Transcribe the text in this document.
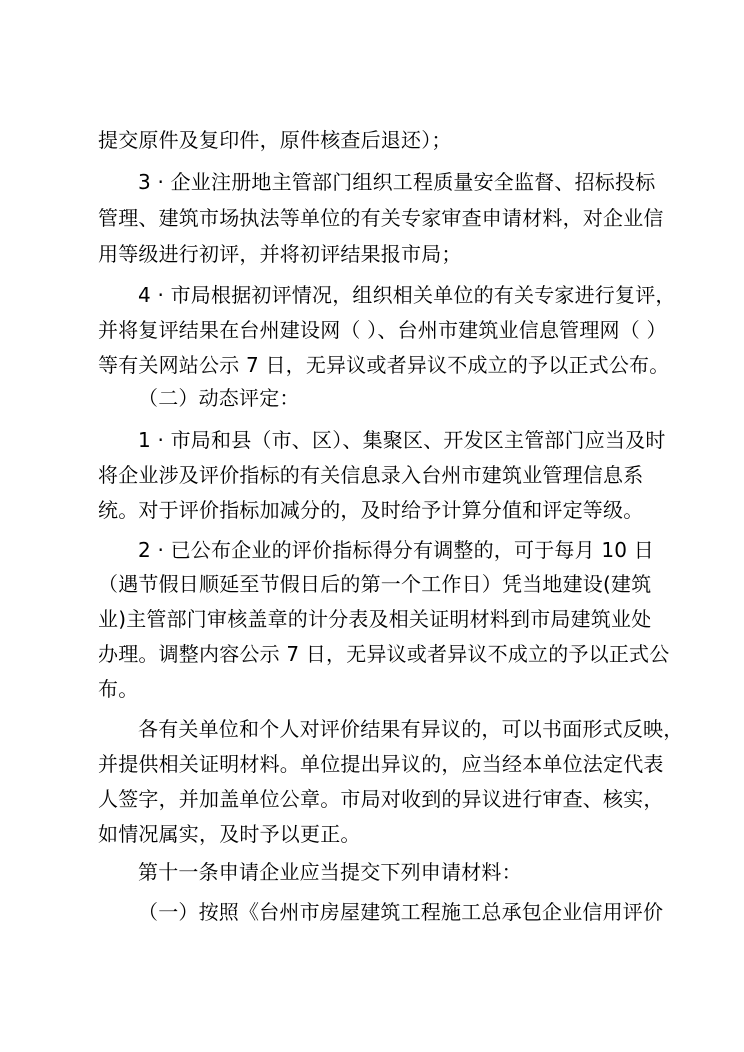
提交原件及复印件，原件核查后退还）；
3 · 企业注册地主管部门组织工程质量安全监督、招标投标
管理、建筑市场执法等单位的有关专家审查申请材料，对企业信
用等级进行初评，并将初评结果报市局；
4 · 市局根据初评情况，组织相关单位的有关专家进行复评，
并将复评结果在台州建设网（ ）、台州市建筑业信息管理网（ ）
等有关网站公示 7 日，无异议或者异议不成立的予以正式公布。
（二）动态评定：
1 · 市局和县（市、区）、集聚区、开发区主管部门应当及时
将企业涉及评价指标的有关信息录入台州市建筑业管理信息系
统。对于评价指标加减分的，及时给予计算分值和评定等级。
2 · 已公布企业的评价指标得分有调整的，可于每月 10 日
（遇节假日顺延至节假日后的第一个工作日）凭当地建设(建筑
业)主管部门审核盖章的计分表及相关证明材料到市局建筑业处
办理。调整内容公示 7 日，无异议或者异议不成立的予以正式公
布。
各有关单位和个人对评价结果有异议的，可以书面形式反映，
并提供相关证明材料。单位提出异议的，应当经本单位法定代表
人签字，并加盖单位公章。市局对收到的异议进行审查、核实，
如情况属实，及时予以更正。
第十一条申请企业应当提交下列申请材料：
（一）按照《台州市房屋建筑工程施工总承包企业信用评价
